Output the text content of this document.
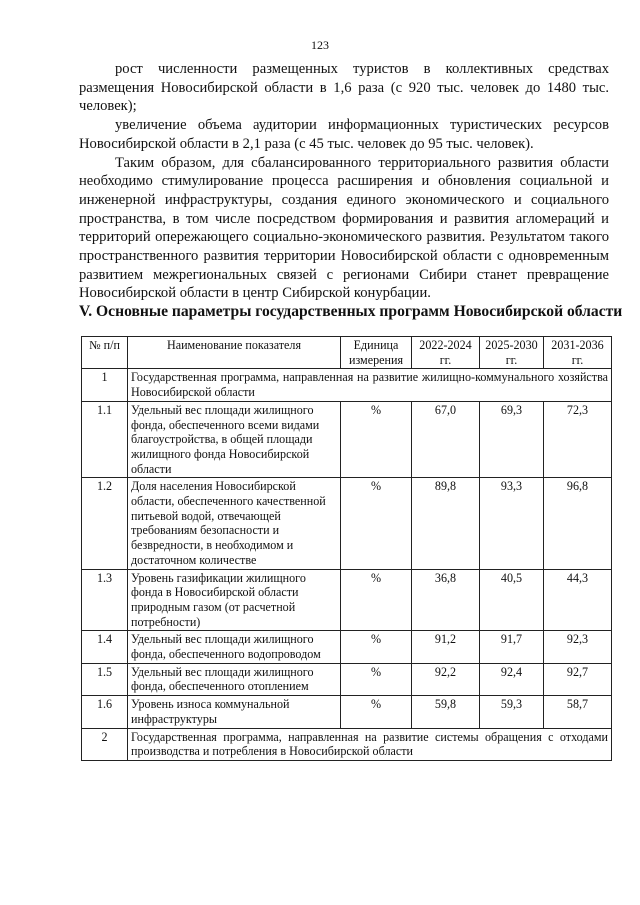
123

рост численности размещенных туристов в коллективных средствах размещения Новосибирской области в 1,6 раза (с 920 тыс. человек до 1480 тыс. человек);

увеличение объема аудитории информационных туристических ресурсов Новосибирской области в 2,1 раза (с 45 тыс. человек до 95 тыс. человек).

Таким образом, для сбалансированного территориального развития области необходимо стимулирование процесса расширения и обновления социальной и инженерной инфраструктуры, создания единого экономического и социального пространства, в том числе посредством формирования и развития агломераций и территорий опережающего социально-экономического развития. Результатом такого пространственного развития территории Новосибирской области с одновременным развитием межрегиональных связей с регионами Сибири станет превращение Новосибирской области в центр Сибирской конурбации.

V. Основные параметры государственных программ Новосибирской области
№ п/п	Наименование показателя	Единица измерения	2022-2024 гг.	2025-2030 гг.	2031-2036 гг.
1	Государственная программа, направленная на развитие жилищно-коммунального хозяйства Новосибирской области				
1.1	Удельный вес площади жилищного фонда, обеспеченного всеми видами благоустройства, в общей площади жилищного фонда Новосибирской области	%	67,0	69,3	72,3
1.2	Доля населения Новосибирской области, обеспеченного качественной питьевой водой, отвечающей требованиям безопасности и безвредности, в необходимом и достаточном количестве	%	89,8	93,3	96,8
1.3	Уровень газификации жилищного фонда в Новосибирской области природным газом (от расчетной потребности)	%	36,8	40,5	44,3
1.4	Удельный вес площади жилищного фонда, обеспеченного водопроводом	%	91,2	91,7	92,3
1.5	Удельный вес площади жилищного фонда, обеспеченного отоплением	%	92,2	92,4	92,7
1.6	Уровень износа коммунальной инфраструктуры	%	59,8	59,3	58,7
2	Государственная программа, направленная на развитие системы обращения с отходами производства и потребления в Новосибирской области				
